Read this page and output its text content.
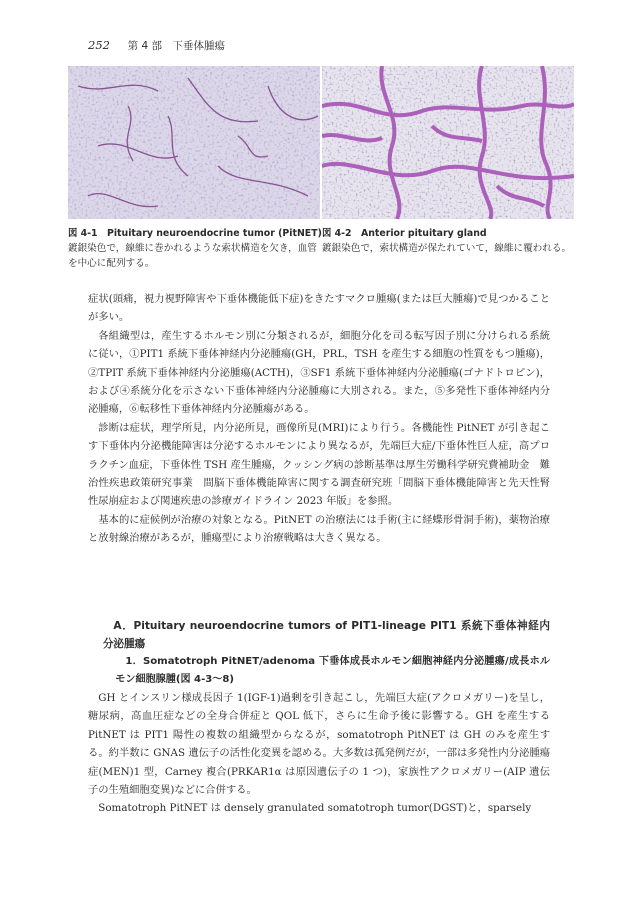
252 第 4 部　下垂体腫瘍
図 4-1　Pituitary neuroendocrine tumor (PitNET)
鍍銀染色で，線維に巻かれるような索状構造を欠き，血管を中心に配列する。
図 4-2　Anterior pituitary gland
鍍銀染色で，索状構造が保たれていて，線維に覆われる。

症状(頭痛，視力視野障害や下垂体機能低下症)をきたすマクロ腫瘍(または巨大腫瘍)で見つかることが多い。

各組織型は，産生するホルモン別に分類されるが，細胞分化を司る転写因子別に分けられる系統に従い，①PIT1 系統下垂体神経内分泌腫瘍(GH，PRL，TSH を産生する細胞の性質をもつ腫瘍)，②TPIT 系統下垂体神経内分泌腫瘍(ACTH)，③SF1 系統下垂体神経内分泌腫瘍(ゴナドトロピン)，および④系統分化を示さない下垂体神経内分泌腫瘍に大別される。また，⑤多発性下垂体神経内分泌腫瘍，⑥転移性下垂体神経内分泌腫瘍がある。

診断は症状，理学所見，内分泌所見，画像所見(MRI)により行う。各機能性 PitNET が引き起こす下垂体内分泌機能障害は分泌するホルモンにより異なるが，先端巨大症/下垂体性巨人症，高プロラクチン血症，下垂体性 TSH 産生腫瘍，クッシング病の診断基準は厚生労働科学研究費補助金　難治性疾患政策研究事業　間脳下垂体機能障害に関する調査研究班「間脳下垂体機能障害と先天性腎性尿崩症および関連疾患の診療ガイドライン 2023 年版」を参照。

基本的に症候例が治療の対象となる。PitNET の治療法には手術(主に経蝶形骨洞手術)，薬物治療と放射線治療があるが，腫瘍型により治療戦略は大きく異なる。

A．Pituitary neuroendocrine tumors of PIT1-lineage PIT1 系統下垂体神経内分泌腫瘍

1．Somatotroph PitNET/adenoma 下垂体成長ホルモン細胞神経内分泌腫瘍/成長ホルモン細胞腺腫(図 4-3〜8)

GH とインスリン様成長因子 1(IGF-1)過剰を引き起こし，先端巨大症(アクロメガリー)を呈し，糖尿病，高血圧症などの全身合併症と QOL 低下，さらに生命予後に影響する。GH を産生する PitNET は PIT1 陽性の複数の組織型からなるが，somatotroph PitNET は GH のみを産生する。約半数に GNAS 遺伝子の活性化変異を認める。大多数は孤発例だが，一部は多発性内分泌腫瘍症(MEN)1 型，Carney 複合(PRKAR1α は原因遺伝子の 1 つ)，家族性アクロメガリー(AIP 遺伝子の生殖細胞変異)などに合併する。

Somatotroph PitNET は densely granulated somatotroph tumor(DGST)と，sparsely
